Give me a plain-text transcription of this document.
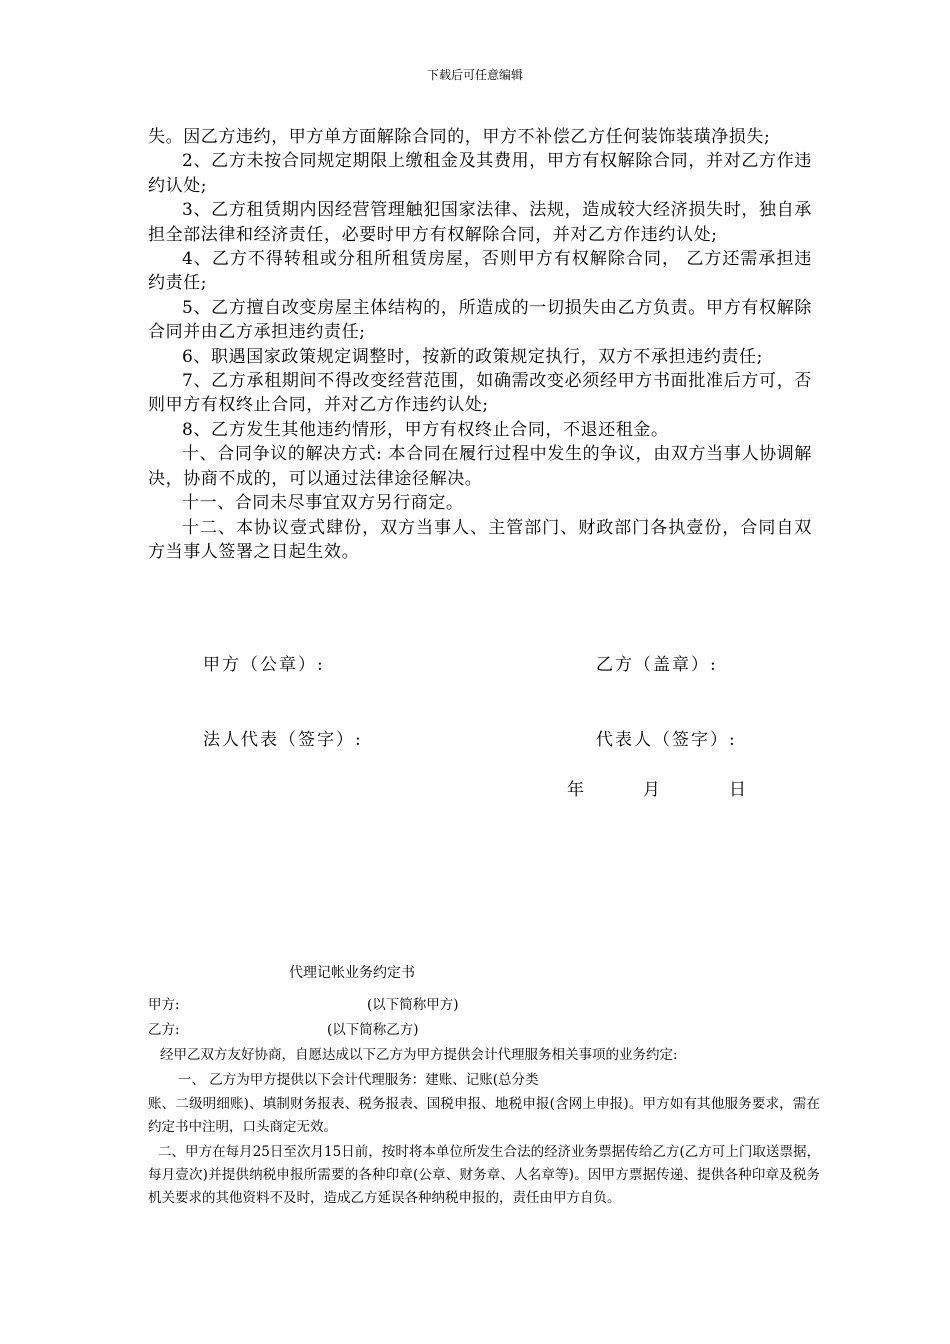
下载后可任意编辑

失。因乙方违约，甲方单方面解除合同的，甲方不补偿乙方任何装饰装璜净损失;

2、乙方未按合同规定期限上缴租金及其费用，甲方有权解除合同，并对乙方作违约认处;

3、乙方租赁期内因经营管理触犯国家法律、法规，造成较大经济损失时，独自承担全部法律和经济责任，必要时甲方有权解除合同，并对乙方作违约认处;

4、乙方不得转租或分租所租赁房屋，否则甲方有权解除合同， 乙方还需承担违约责任;

5、乙方擅自改变房屋主体结构的，所造成的一切损失由乙方负责。甲方有权解除合同并由乙方承担违约责任;

6、职遇国家政策规定调整时，按新的政策规定执行，双方不承担违约责任;

7、乙方承租期间不得改变经营范围，如确需改变必须经甲方书面批准后方可，否则甲方有权终止合同，并对乙方作违约认处;

8、乙方发生其他违约情形，甲方有权终止合同，不退还租金。

十、合同争议的解决方式: 本合同在履行过程中发生的争议，由双方当事人协调解决，协商不成的，可以通过法律途径解决。

十一、合同未尽事宜双方另行商定。

十二、本协议壹式肆份，双方当事人、主管部门、财政部门各执壹份，合同自双方当事人签署之日起生效。

甲方（公章）:	乙方（盖章）:
法人代表（签字）:	代表人（签字）:
年	月	日
代理记帐业务约定书
甲方:	(以下简称甲方)
乙方:	(以下简称乙方)
经甲乙双方友好协商，自愿达成以下乙方为甲方提供会计代理服务相关事项的业务约定:
一、 乙方为甲方提供以下会计代理服务：建账、记账(总分类

账、二级明细账)、填制财务报表、税务报表、国税申报、地税申报(含网上申报)。甲方如有其他服务要求，需在约定书中注明，口头商定无效。

二、甲方在每月25日至次月15日前，按时将本单位所发生合法的经济业务票据传给乙方(乙方可上门取送票据，每月壹次)并提供纳税申报所需要的各种印章(公章、财务章、人名章等)。因甲方票据传递、提供各种印章及税务机关要求的其他资料不及时，造成乙方延误各种纳税申报的，责任由甲方自负。
